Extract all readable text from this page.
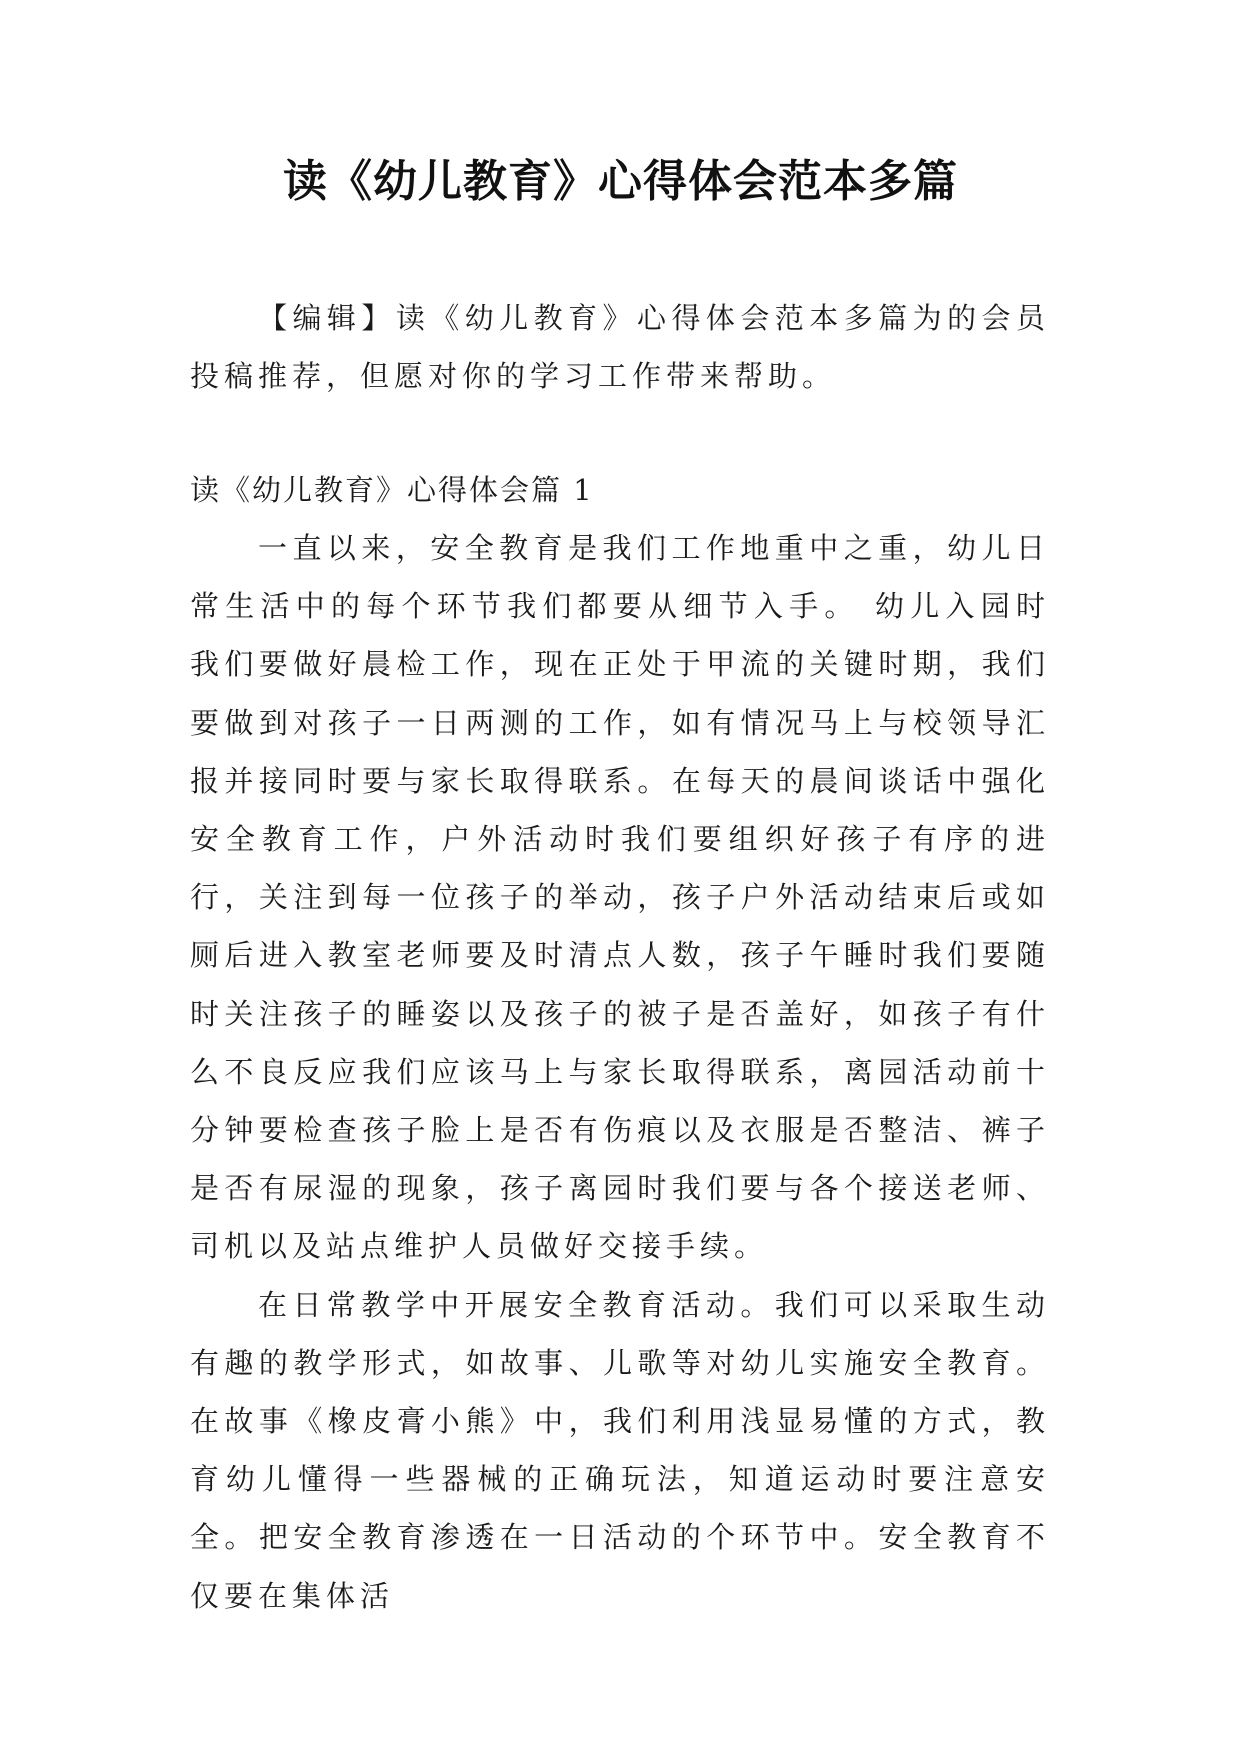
读《幼儿教育》心得体会范本多篇
【编辑】读《幼儿教育》心得体会范本多篇为的会员投稿推荐，但愿对你的学习工作带来帮助。

读《幼儿教育》心得体会篇 1

一直以来，安全教育是我们工作地重中之重，幼儿日常生活中的每个环节我们都要从细节入手。 幼儿入园时我们要做好晨检工作，现在正处于甲流的关键时期，我们要做到对孩子一日两测的工作，如有情况马上与校领导汇报并接同时要与家长取得联系。在每天的晨间谈话中强化安全教育工作，户外活动时我们要组织好孩子有序的进行，关注到每一位孩子的举动，孩子户外活动结束后或如厕后进入教室老师要及时清点人数，孩子午睡时我们要随时关注孩子的睡姿以及孩子的被子是否盖好，如孩子有什么不良反应我们应该马上与家长取得联系，离园活动前十分钟要检查孩子脸上是否有伤痕以及衣服是否整洁、裤子是否有尿湿的现象，孩子离园时我们要与各个接送老师、司机以及站点维护人员做好交接手续。

在日常教学中开展安全教育活动。我们可以采取生动有趣的教学形式，如故事、儿歌等对幼儿实施安全教育。在故事《橡皮膏小熊》中，我们利用浅显易懂的方式，教育幼儿懂得一些器械的正确玩法，知道运动时要注意安全。把安全教育渗透在一日活动的个环节中。安全教育不仅要在集体活
